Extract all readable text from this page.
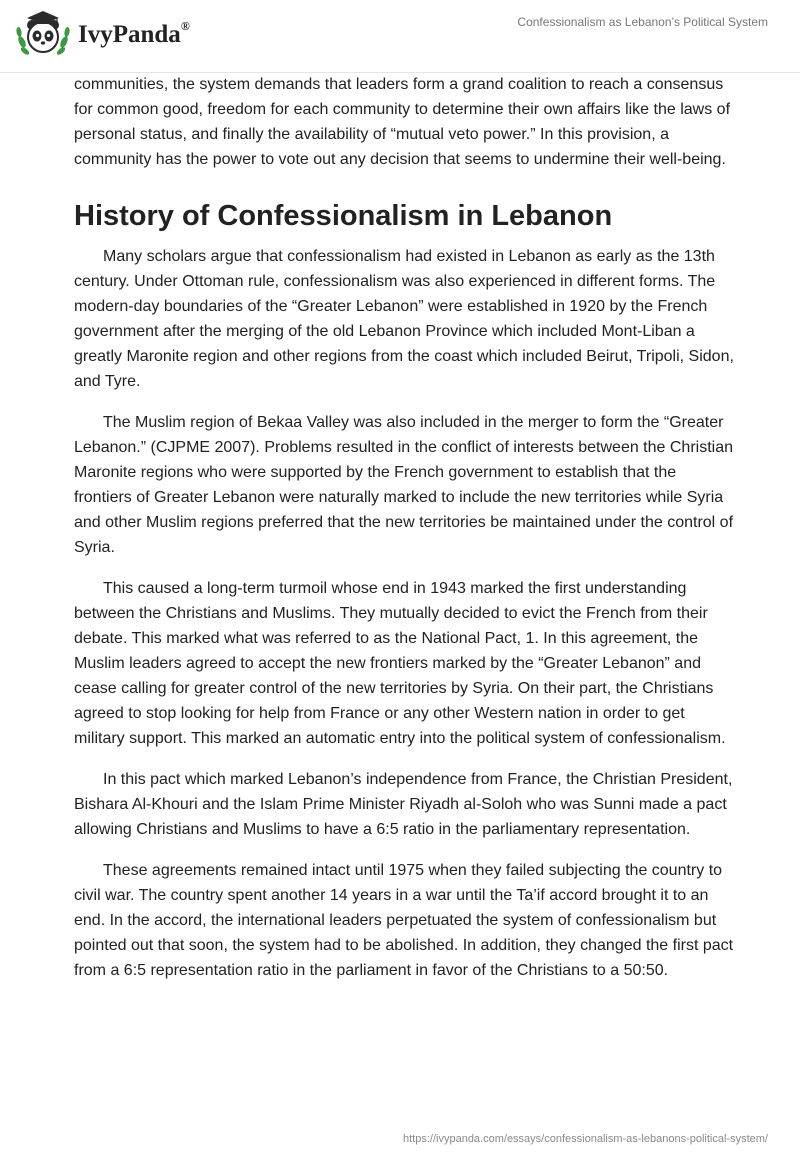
IvyPanda®	Confessionalism as Lebanon’s Political System

communities, the system demands that leaders form a grand coalition to reach a consensus for common good, freedom for each community to determine their own affairs like the laws of personal status, and finally the availability of “mutual veto power.” In this provision, a community has the power to vote out any decision that seems to undermine their well-being.

History of Confessionalism in Lebanon

Many scholars argue that confessionalism had existed in Lebanon as early as the 13th century. Under Ottoman rule, confessionalism was also experienced in different forms. The modern-day boundaries of the “Greater Lebanon” were established in 1920 by the French government after the merging of the old Lebanon Province which included Mont-Liban a greatly Maronite region and other regions from the coast which included Beirut, Tripoli, Sidon, and Tyre.

The Muslim region of Bekaa Valley was also included in the merger to form the “Greater Lebanon.” (CJPME 2007). Problems resulted in the conflict of interests between the Christian Maronite regions who were supported by the French government to establish that the frontiers of Greater Lebanon were naturally marked to include the new territories while Syria and other Muslim regions preferred that the new territories be maintained under the control of Syria.

This caused a long-term turmoil whose end in 1943 marked the first understanding between the Christians and Muslims. They mutually decided to evict the French from their debate. This marked what was referred to as the National Pact, 1. In this agreement, the Muslim leaders agreed to accept the new frontiers marked by the “Greater Lebanon” and cease calling for greater control of the new territories by Syria. On their part, the Christians agreed to stop looking for help from France or any other Western nation in order to get military support. This marked an automatic entry into the political system of confessionalism.

In this pact which marked Lebanon’s independence from France, the Christian President, Bishara Al-Khouri and the Islam Prime Minister Riyadh al-Soloh who was Sunni made a pact allowing Christians and Muslims to have a 6:5 ratio in the parliamentary representation.

These agreements remained intact until 1975 when they failed subjecting the country to civil war. The country spent another 14 years in a war until the Ta’if accord brought it to an end. In the accord, the international leaders perpetuated the system of confessionalism but pointed out that soon, the system had to be abolished. In addition, they changed the first pact from a 6:5 representation ratio in the parliament in favor of the Christians to a 50:50.

https://ivypanda.com/essays/confessionalism-as-lebanons-political-system/
